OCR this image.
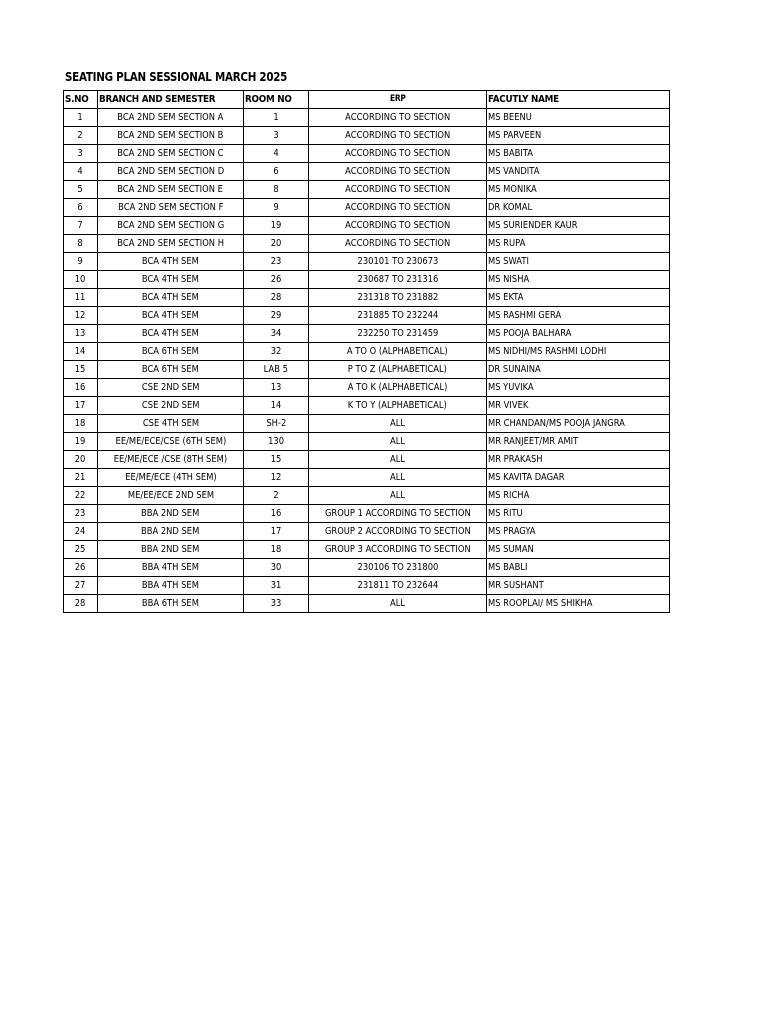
SEATING PLAN SESSIONAL MARCH 2025
S.NO	BRANCH AND SEMESTER	ROOM NO	ERP	FACUTLY NAME
1	BCA 2ND SEM SECTION A	1	ACCORDING TO SECTION	MS BEENU
2	BCA 2ND SEM SECTION B	3	ACCORDING TO SECTION	MS PARVEEN
3	BCA 2ND SEM SECTION C	4	ACCORDING TO SECTION	MS BABITA
4	BCA 2ND SEM SECTION D	6	ACCORDING TO SECTION	MS VANDITA
5	BCA 2ND SEM SECTION E	8	ACCORDING TO SECTION	MS MONIKA
6	BCA 2ND SEM SECTION F	9	ACCORDING TO SECTION	DR KOMAL
7	BCA 2ND SEM SECTION G	19	ACCORDING TO SECTION	MS SURIENDER KAUR
8	BCA 2ND SEM SECTION H	20	ACCORDING TO SECTION	MS RUPA
9	BCA 4TH SEM	23	230101 TO 230673	MS SWATI
10	BCA 4TH SEM	26	230687 TO 231316	MS NISHA
11	BCA 4TH SEM	28	231318 TO 231882	MS EKTA
12	BCA 4TH SEM	29	231885 TO 232244	MS RASHMI GERA
13	BCA 4TH SEM	34	232250 TO 231459	MS POOJA BALHARA
14	BCA 6TH SEM	32	A TO O (ALPHABETICAL)	MS NIDHI/MS RASHMI LODHI
15	BCA 6TH SEM	LAB 5	P TO Z (ALPHABETICAL)	DR SUNAINA
16	CSE 2ND SEM	13	A TO K (ALPHABETICAL)	MS YUVIKA
17	CSE 2ND SEM	14	K TO Y (ALPHABETICAL)	MR VIVEK
18	CSE 4TH SEM	SH-2	ALL	MR CHANDAN/MS POOJA JANGRA
19	EE/ME/ECE/CSE (6TH SEM)	130	ALL	MR RANJEET/MR AMIT
20	EE/ME/ECE /CSE (8TH SEM)	15	ALL	MR PRAKASH
21	EE/ME/ECE (4TH SEM)	12	ALL	MS KAVITA DAGAR
22	ME/EE/ECE 2ND SEM	2	ALL	MS RICHA
23	BBA 2ND SEM	16	GROUP 1 ACCORDING TO SECTION	MS RITU
24	BBA 2ND SEM	17	GROUP 2 ACCORDING TO SECTION	MS PRAGYA
25	BBA 2ND SEM	18	GROUP 3 ACCORDING TO SECTION	MS SUMAN
26	BBA 4TH SEM	30	230106 TO 231800	MS BABLI
27	BBA 4TH SEM	31	231811 TO 232644	MR SUSHANT
28	BBA 6TH SEM	33	ALL	MS ROOPLAI/ MS SHIKHA
